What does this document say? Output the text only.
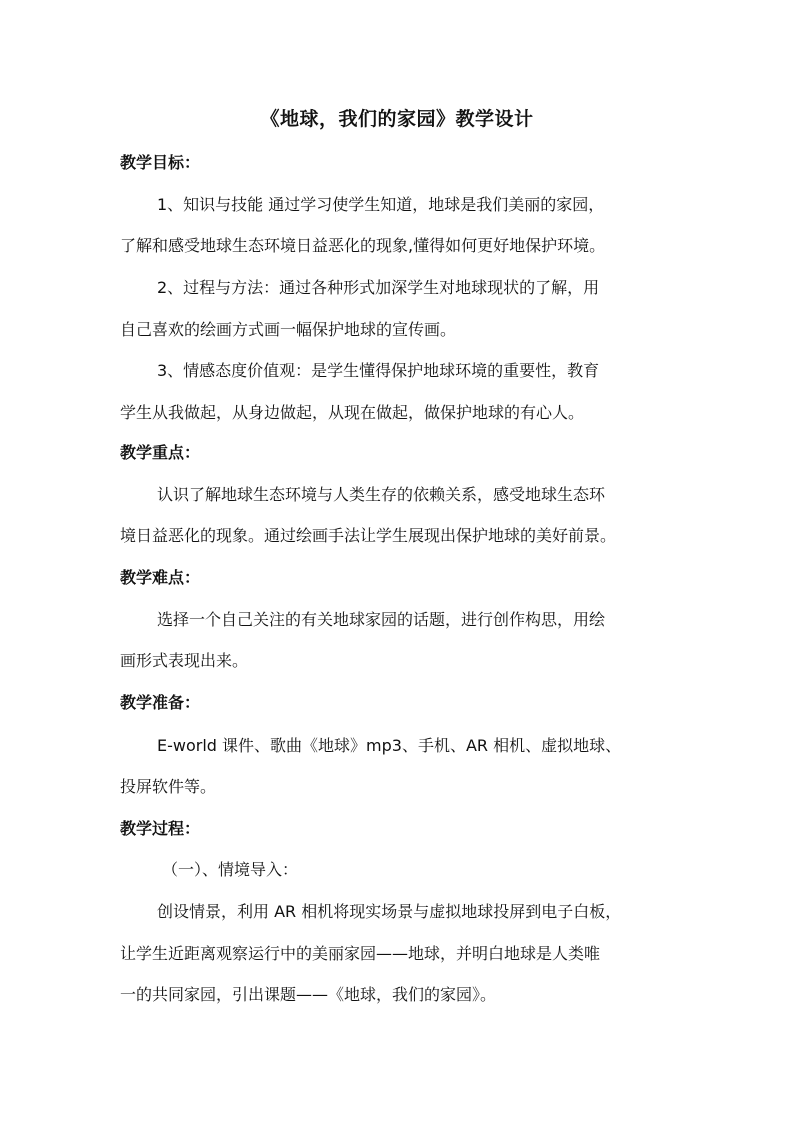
《地球，我们的家园》教学设计
教学目标：
1、知识与技能 通过学习使学生知道，地球是我们美丽的家园，
了解和感受地球生态环境日益恶化的现象,懂得如何更好地保护环境。
2、过程与方法：通过各种形式加深学生对地球现状的了解，用
自己喜欢的绘画方式画一幅保护地球的宣传画。
3、情感态度价值观：是学生懂得保护地球环境的重要性，教育
学生从我做起，从身边做起，从现在做起，做保护地球的有心人。
教学重点：
认识了解地球生态环境与人类生存的依赖关系，感受地球生态环
境日益恶化的现象。通过绘画手法让学生展现出保护地球的美好前景。
教学难点：
选择一个自己关注的有关地球家园的话题，进行创作构思，用绘
画形式表现出来。
教学准备：
E-world 课件、歌曲《地球》mp3、手机、AR 相机、虚拟地球、
投屏软件等。
教学过程：
（一）、情境导入：
创设情景，利用 AR 相机将现实场景与虚拟地球投屏到电子白板，
让学生近距离观察运行中的美丽家园——地球，并明白地球是人类唯
一的共同家园，引出课题——《地球，我们的家园》。
